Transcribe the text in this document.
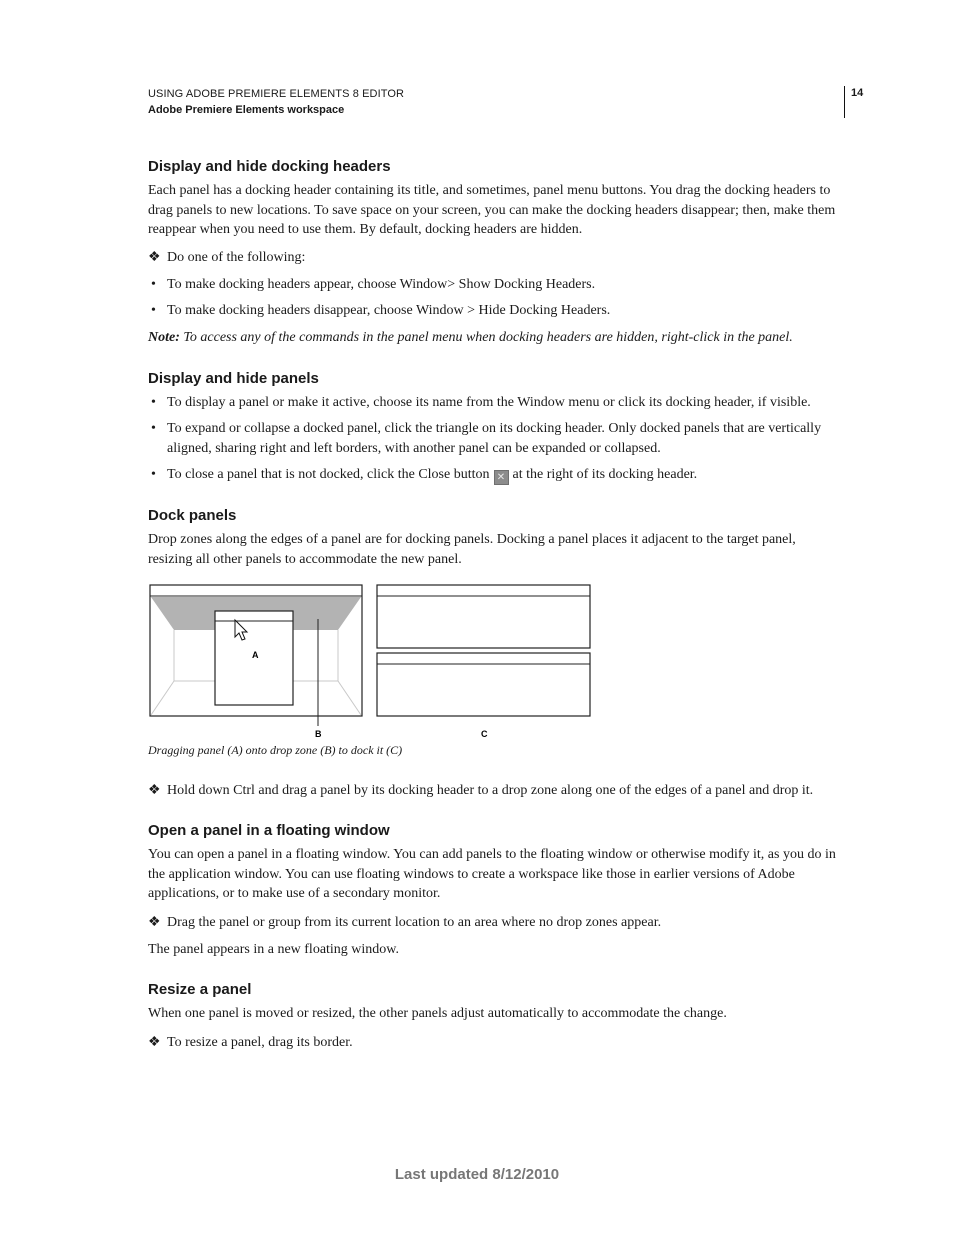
USING ADOBE PREMIERE ELEMENTS 8 EDITOR
Adobe Premiere Elements workspace
14
Display and hide docking headers

Each panel has a docking header containing its title, and sometimes, panel menu buttons. You drag the docking headers to drag panels to new locations. To save space on your screen, you can make the docking headers disappear; then, make them reappear when you need to use them. By default, docking headers are hidden.

❖ Do one of the following:
• To make docking headers appear, choose Window> Show Docking Headers.
• To make docking headers disappear, choose Window > Hide Docking Headers.

Note: To access any of the commands in the panel menu when docking headers are hidden, right-click in the panel.

Display and hide panels
• To display a panel or make it active, choose its name from the Window menu or click its docking header, if visible.
• To expand or collapse a docked panel, click the triangle on its docking header. Only docked panels that are vertically aligned, sharing right and left borders, with another panel can be expanded or collapsed.
• To close a panel that is not docked, click the Close button ✕ at the right of its docking header.
Dock panels

Drop zones along the edges of a panel are for docking panels. Docking a panel places it adjacent to the target panel, resizing all other panels to accommodate the new panel.

A
B	C
Dragging panel (A) onto drop zone (B) to dock it (C)
❖ Hold down Ctrl and drag a panel by its docking header to a drop zone along one of the edges of a panel and drop it.
Open a panel in a floating window

You can open a panel in a floating window. You can add panels to the floating window or otherwise modify it, as you do in the application window. You can use floating windows to create a workspace like those in earlier versions of Adobe applications, or to make use of a secondary monitor.

❖ Drag the panel or group from its current location to an area where no drop zones appear.

The panel appears in a new floating window.

Resize a panel

When one panel is moved or resized, the other panels adjust automatically to accommodate the change.

❖ To resize a panel, drag its border.
Last updated 8/12/2010
